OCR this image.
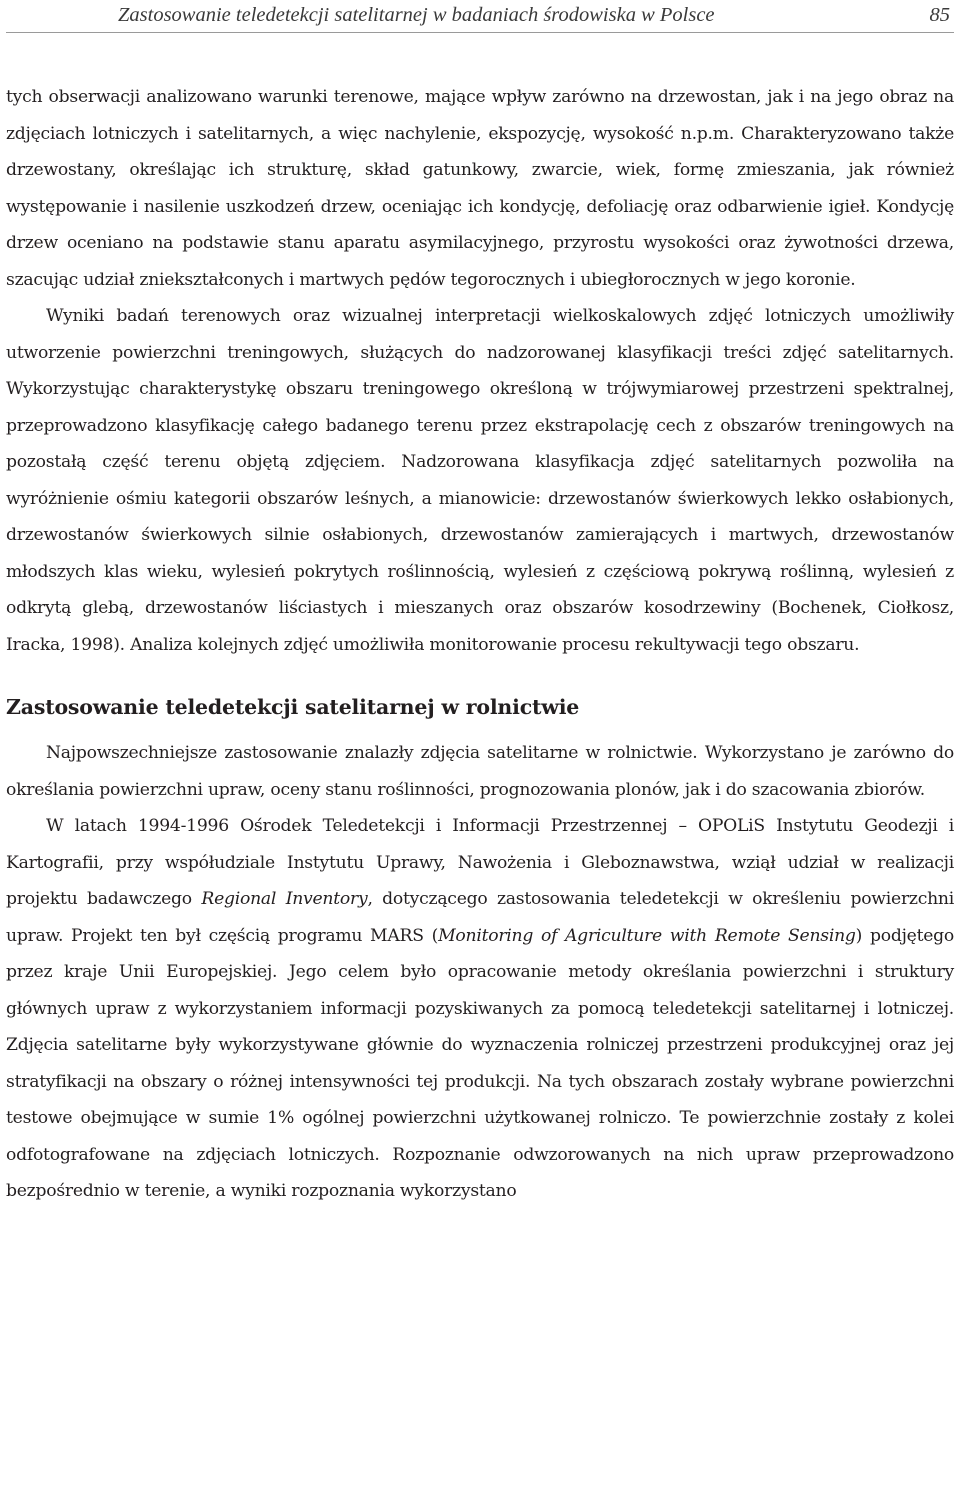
Zastosowanie teledetekcji satelitarnej w badaniach środowiska w Polsce	85

tych obserwacji analizowano warunki terenowe, mające wpływ zarówno na drzewostan, jak i na jego obraz na zdjęciach lotniczych i satelitarnych, a więc nachylenie, ekspozycję, wysokość n.p.m. Charakteryzowano także drzewostany, określając ich strukturę, skład gatunkowy, zwarcie, wiek, formę zmieszania, jak również występowanie i nasilenie uszkodzeń drzew, oceniając ich kondycję, defoliację oraz odbarwienie igieł. Kondycję drzew oceniano na podstawie stanu aparatu asymilacyjnego, przyrostu wysokości oraz żywotności drzewa, szacując udział zniekształconych i martwych pędów tegorocznych i ubiegłorocznych w jego koronie.

Wyniki badań terenowych oraz wizualnej interpretacji wielkoskalowych zdjęć lotniczych umożliwiły utworzenie powierzchni treningowych, służących do nadzorowanej klasyfikacji treści zdjęć satelitarnych. Wykorzystując charakterystykę obszaru treningowego określoną w trójwymiarowej przestrzeni spektralnej, przeprowadzono klasyfikację całego badanego terenu przez ekstrapolację cech z obszarów treningowych na pozostałą część terenu objętą zdjęciem. Nadzorowana klasyfikacja zdjęć satelitarnych pozwoliła na wyróżnienie ośmiu kategorii obszarów leśnych, a mianowicie: drzewostanów świerkowych lekko osłabionych, drzewostanów świerkowych silnie osłabionych, drzewostanów zamierających i martwych, drzewostanów młodszych klas wieku, wylesień pokrytych roślinnością, wylesień z częściową pokrywą roślinną, wylesień z odkrytą glebą, drzewostanów liściastych i mieszanych oraz obszarów kosodrzewiny (Bochenek, Ciołkosz, Iracka, 1998). Analiza kolejnych zdjęć umożliwiła monitorowanie procesu rekultywacji tego obszaru.

Zastosowanie teledetekcji satelitarnej w rolnictwie

Najpowszechniejsze zastosowanie znalazły zdjęcia satelitarne w rolnictwie. Wykorzystano je zarówno do określania powierzchni upraw, oceny stanu roślinności, prognozowania plonów, jak i do szacowania zbiorów.

W latach 1994-1996 Ośrodek Teledetekcji i Informacji Przestrzennej – OPOLiS Instytutu Geodezji i Kartografii, przy współudziale Instytutu Uprawy, Nawożenia i Gleboznawstwa, wziął udział w realizacji projektu badawczego Regional Inventory, dotyczącego zastosowania teledetekcji w określeniu powierzchni upraw. Projekt ten był częścią programu MARS (Monitoring of Agriculture with Remote Sensing) podjętego przez kraje Unii Europejskiej. Jego celem było opracowanie metody określania powierzchni i struktury głównych upraw z wykorzystaniem informacji pozyskiwanych za pomocą teledetekcji satelitarnej i lotniczej. Zdjęcia satelitarne były wykorzystywane głównie do wyznaczenia rolniczej przestrzeni produkcyjnej oraz jej stratyfikacji na obszary o różnej intensywności tej produkcji. Na tych obszarach zostały wybrane powierzchni testowe obejmujące w sumie 1% ogólnej powierzchni użytkowanej rolniczo. Te powierzchnie zostały z kolei odfotografowane na zdjęciach lotniczych. Rozpoznanie odwzorowanych na nich upraw przeprowadzono bezpośrednio w terenie, a wyniki rozpoznania wykorzystano
